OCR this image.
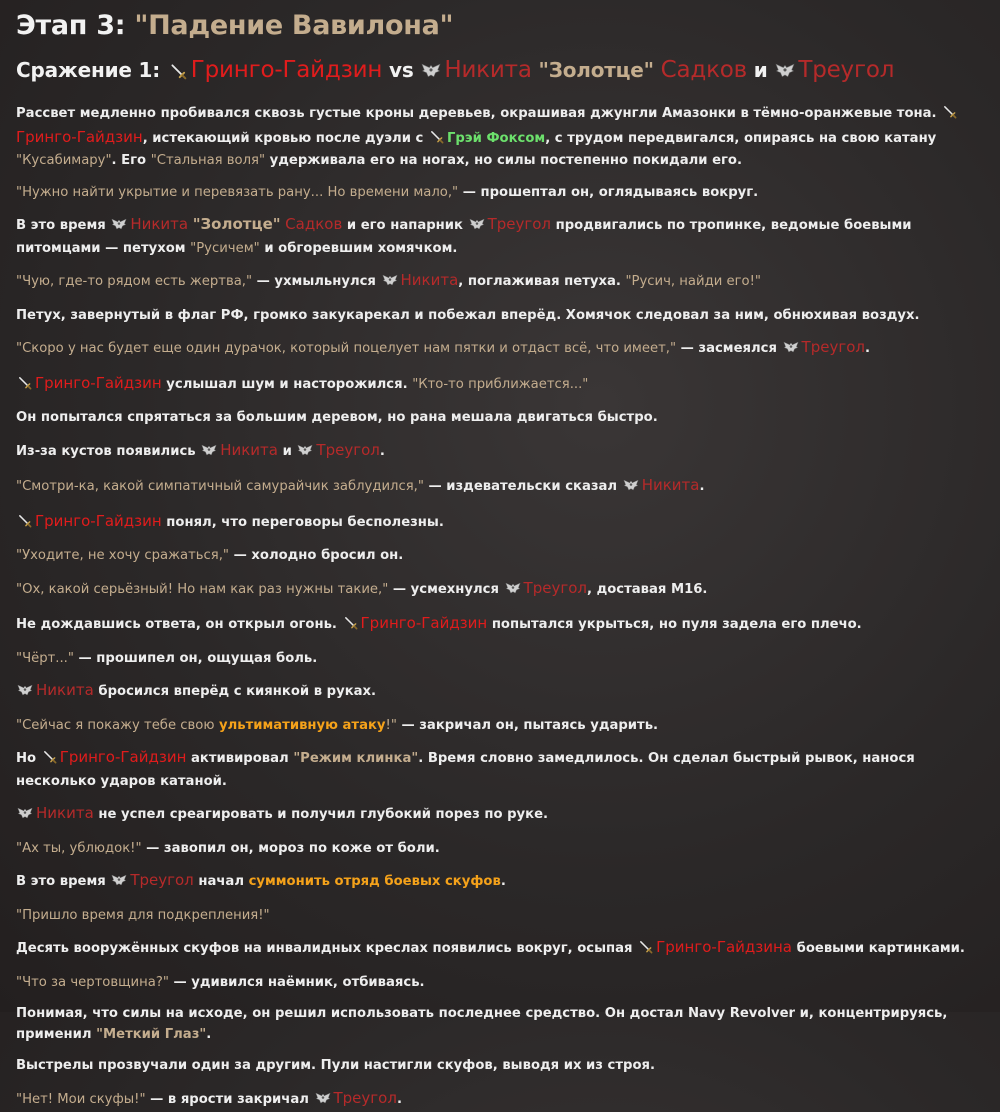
Этап 3: "Падение Вавилона"
Сражение 1: Гринго-Гайдзин vs Никита "Золотце" Садков и Треугол

Рассвет медленно пробивался сквозь густые кроны деревьев, окрашивая джунгли Амазонки в тёмно-оранжевые тона. Гринго-Гайдзин, истекающий кровью после дуэли с Грэй Фоксом, с трудом передвигался, опираясь на свою катану "Кусабимару". Его "Стальная воля" удерживала его на ногах, но силы постепенно покидали его.

"Нужно найти укрытие и перевязать рану... Но времени мало," — прошептал он, оглядываясь вокруг.

В это время Никита "Золотце" Садков и его напарник Треугол продвигались по тропинке, ведомые боевыми питомцами — петухом "Русичем" и обгоревшим хомячком.

"Чую, где-то рядом есть жертва," — ухмыльнулся Никита, поглаживая петуха. "Русич, найди его!"

Петух, завернутый в флаг РФ, громко закукарекал и побежал вперёд. Хомячок следовал за ним, обнюхивая воздух.

"Скоро у нас будет еще один дурачок, который поцелует нам пятки и отдаст всё, что имеет," — засмеялся Треугол.

Гринго-Гайдзин услышал шум и насторожился. "Кто-то приближается..."

Он попытался спрятаться за большим деревом, но рана мешала двигаться быстро.

Из-за кустов появились Никита и Треугол.

"Смотри-ка, какой симпатичный самурайчик заблудился," — издевательски сказал Никита.

Гринго-Гайдзин понял, что переговоры бесполезны.

"Уходите, не хочу сражаться," — холодно бросил он.

"Ох, какой серьёзный! Но нам как раз нужны такие," — усмехнулся Треугол, доставая М16.

Не дождавшись ответа, он открыл огонь. Гринго-Гайдзин попытался укрыться, но пуля задела его плечо.

"Чёрт..." — прошипел он, ощущая боль.

Никита бросился вперёд с киянкой в руках.

"Сейчас я покажу тебе свою ультимативную атаку!" — закричал он, пытаясь ударить.

Но Гринго-Гайдзин активировал "Режим клинка". Время словно замедлилось. Он сделал быстрый рывок, нанося несколько ударов катаной.

Никита не успел среагировать и получил глубокий порез по руке.

"Ах ты, ублюдок!" — завопил он, мороз по коже от боли.

В это время Треугол начал суммонить отряд боевых скуфов.

"Пришло время для подкрепления!"

Десять вооружённых скуфов на инвалидных креслах появились вокруг, осыпая Гринго-Гайдзина боевыми картинками.

"Что за чертовщина?" — удивился наёмник, отбиваясь.

Понимая, что силы на исходе, он решил использовать последнее средство. Он достал Navy Revolver и, концентрируясь, применил "Меткий Глаз".

Выстрелы прозвучали один за другим. Пули настигли скуфов, выводя их из строя.

"Нет! Мои скуфы!" — в ярости закричал Треугол.
